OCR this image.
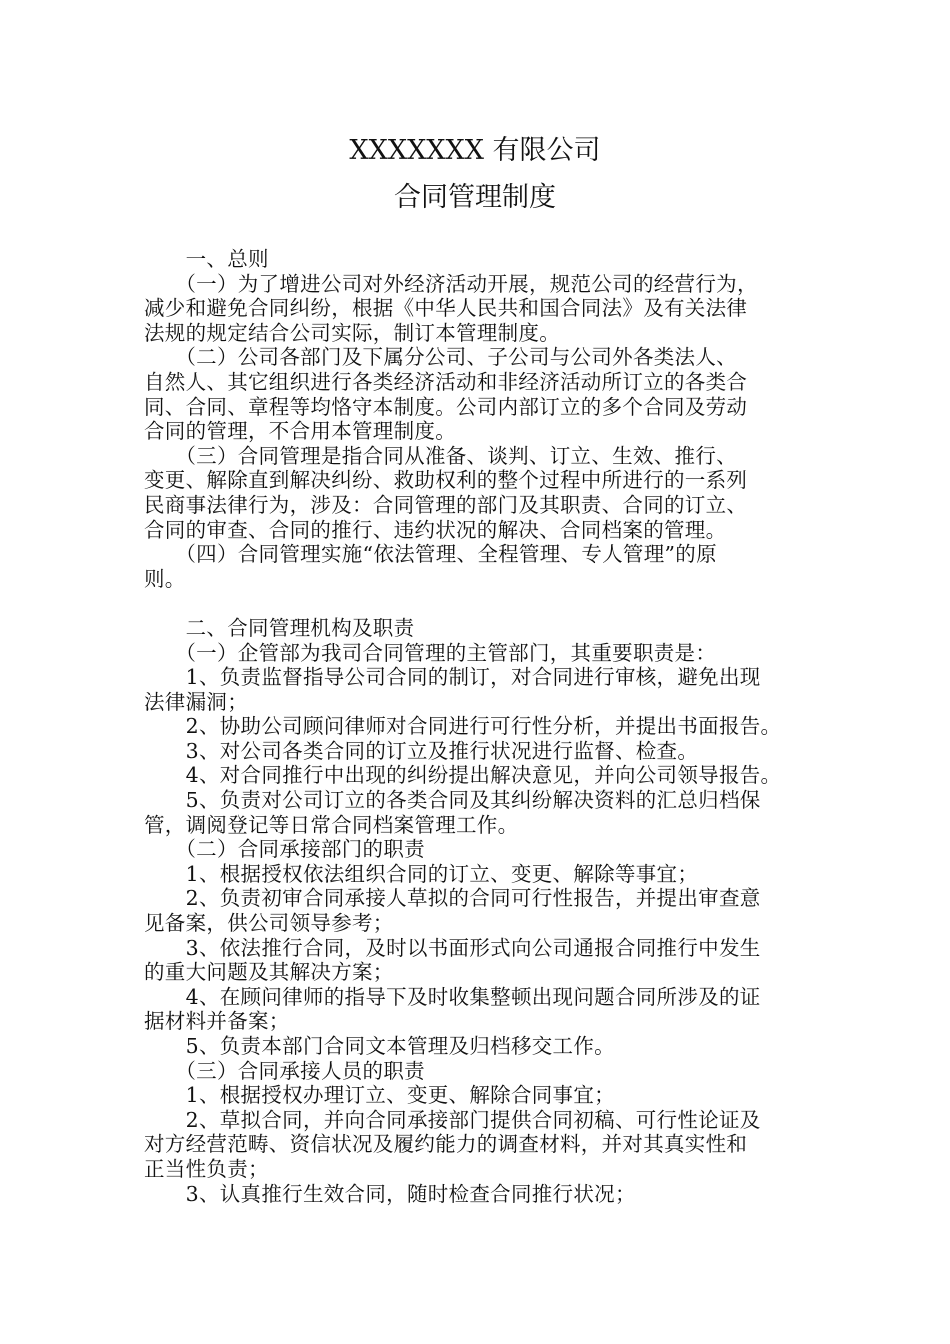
XXXXXXX 有限公司
合同管理制度
　　一、总则
　　（一）为了增进公司对外经济活动开展，规范公司的经营行为，
减少和避免合同纠纷，根据《中华人民共和国合同法》及有关法律
法规的规定结合公司实际，制订本管理制度。
　　（二）公司各部门及下属分公司、子公司与公司外各类法人、
自然人、其它组织进行各类经济活动和非经济活动所订立的各类合
同、合同、章程等均恪守本制度。公司内部订立的多个合同及劳动
合同的管理，不合用本管理制度。
　　（三）合同管理是指合同从准备、谈判、订立、生效、推行、
变更、解除直到解决纠纷、救助权利的整个过程中所进行的一系列
民商事法律行为，涉及：合同管理的部门及其职责、合同的订立、
合同的审查、合同的推行、违约状况的解决、合同档案的管理。
　　（四）合同管理实施“依法管理、全程管理、专人管理”的原
则。
　　二、合同管理机构及职责
　　（一）企管部为我司合同管理的主管部门，其重要职责是：
　　1、负责监督指导公司合同的制订，对合同进行审核，避免出现
法律漏洞；
　　2、协助公司顾问律师对合同进行可行性分析，并提出书面报告。
　　3、对公司各类合同的订立及推行状况进行监督、检查。
　　4、对合同推行中出现的纠纷提出解决意见，并向公司领导报告。
　　5、负责对公司订立的各类合同及其纠纷解决资料的汇总归档保
管，调阅登记等日常合同档案管理工作。
　　（二）合同承接部门的职责
　　1、根据授权依法组织合同的订立、变更、解除等事宜；
　　2、负责初审合同承接人草拟的合同可行性报告，并提出审查意
见备案，供公司领导参考；
　　3、依法推行合同，及时以书面形式向公司通报合同推行中发生
的重大问题及其解决方案；
　　4、在顾问律师的指导下及时收集整顿出现问题合同所涉及的证
据材料并备案；
　　5、负责本部门合同文本管理及归档移交工作。
　　（三）合同承接人员的职责
　　1、根据授权办理订立、变更、解除合同事宜；
　　2、草拟合同，并向合同承接部门提供合同初稿、可行性论证及
对方经营范畴、资信状况及履约能力的调查材料，并对其真实性和
正当性负责；
　　3、认真推行生效合同，随时检查合同推行状况；
